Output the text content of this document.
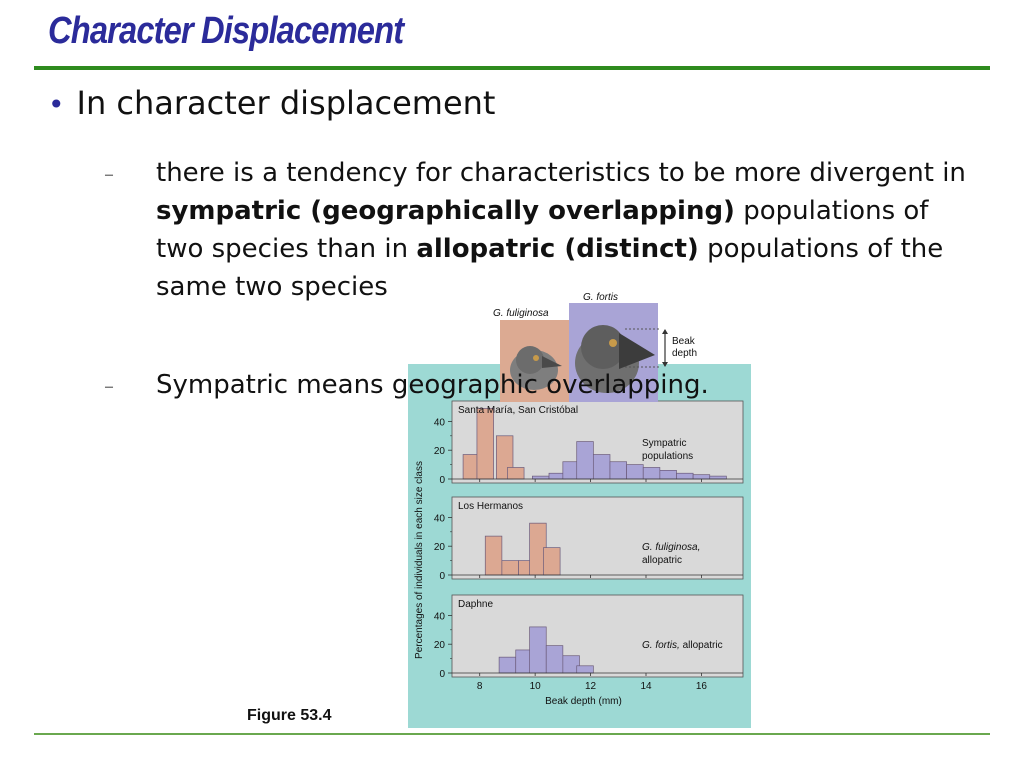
Character Displacement
• In character displacement
– there is a tendency for characteristics to be more divergent in sympatric (geographically overlapping) populations of two species than in allopatric (distinct) populations of the same two species
0
20
40
Santa María, San Cristóbal
Sympatric populations
0
20
40
Los Hermanos
G. fuliginosa, allopatric
0
20
40
Daphne
G. fortis, allopatric
8	10	12	14	16
Beak depth (mm)
Percentages of individuals in each size class
G. fuliginosa
G. fortis
Beak depth
– Sympatric means geographic overlapping.
Figure 53.4
